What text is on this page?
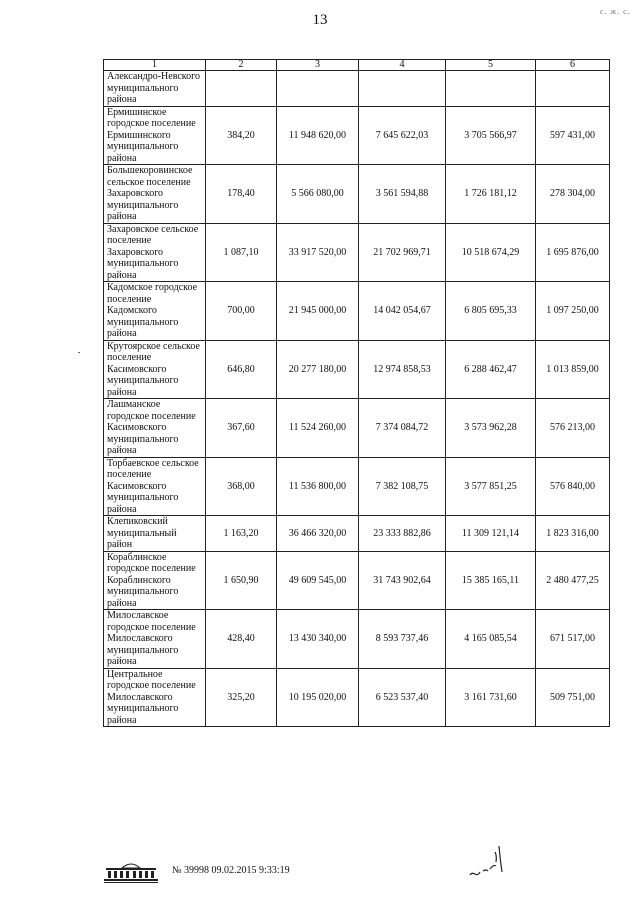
13
с. ж. с.
1	2	3	4	5	6
Александро-Невского муниципального района					
Ермишинское городское поселение Ермишинского муниципального района	384,20	11 948 620,00	7 645 622,03	3 705 566,97	597 431,00
Большекоровинское сельское поселение Захаровского муниципального района	178,40	5 566 080,00	3 561 594,88	1 726 181,12	278 304,00
Захаровское сельское поселение Захаровского муниципального района	1 087,10	33 917 520,00	21 702 969,71	10 518 674,29	1 695 876,00
Кадомское городское поселение Кадомского муниципального района	700,00	21 945 000,00	14 042 054,67	6 805 695,33	1 097 250,00
Крутоярское сельское поселение Касимовского муниципального района	646,80	20 277 180,00	12 974 858,53	6 288 462,47	1 013 859,00
Лашманское городское поселение Касимовского муниципального района	367,60	11 524 260,00	7 374 084,72	3 573 962,28	576 213,00
Торбаевское сельское поселение Касимовского муниципального района	368,00	11 536 800,00	7 382 108,75	3 577 851,25	576 840,00
Клепиковский муниципальный район	1 163,20	36 466 320,00	23 333 882,86	11 309 121,14	1 823 316,00
Кораблинское городское поселение Кораблинского муниципального района	1 650,90	49 609 545,00	31 743 902,64	15 385 165,11	2 480 477,25
Милославское городское поселение Милославского муниципального района	428,40	13 430 340,00	8 593 737,46	4 165 085,54	671 517,00
Центральное городское поселение Милославского муниципального района	325,20	10 195 020,00	6 523 537,40	3 161 731,60	509 751,00
№ 39998 09.02.2015 9:33:19
